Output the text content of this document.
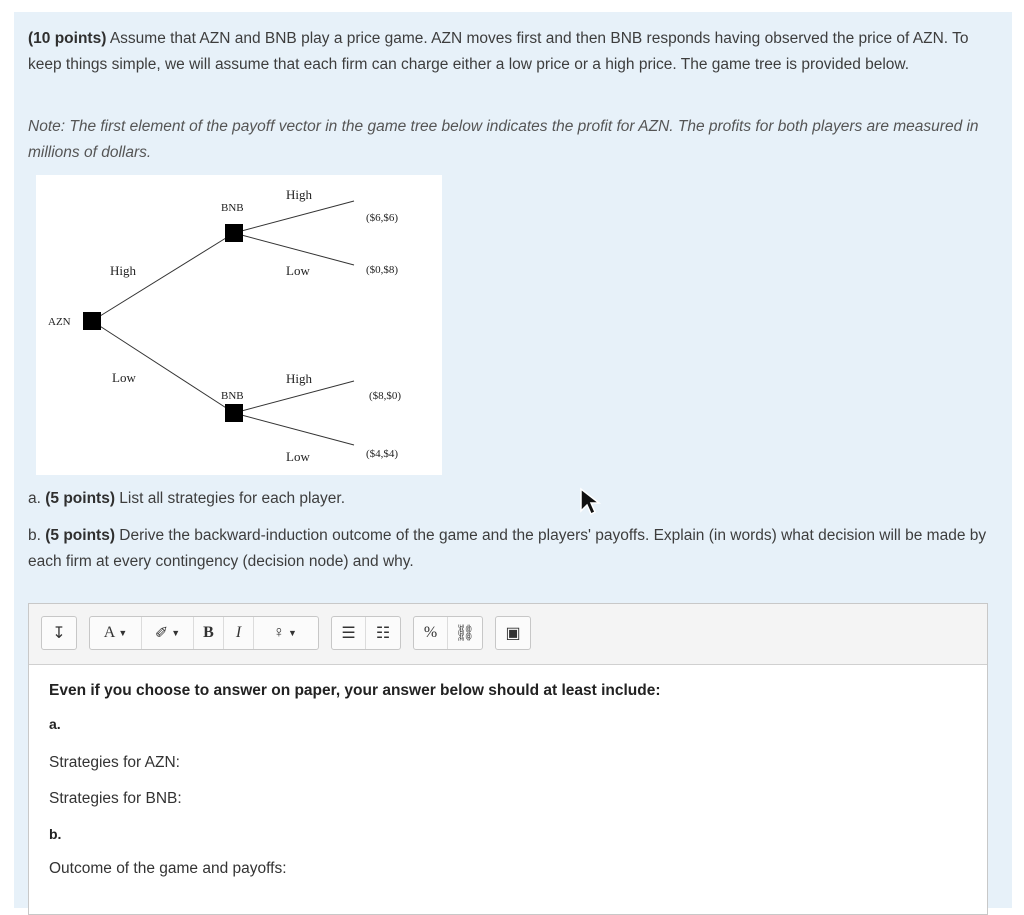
(10 points) Assume that AZN and BNB play a price game. AZN moves first and then BNB responds having observed the price of AZN. To keep things simple, we will assume that each firm can charge either a low price or a high price. The game tree is provided below.
Note: The first element of the payoff vector in the game tree below indicates the profit for AZN. The profits for both players are measured in millions of dollars.
AZN
BNB
BNB
High
Low
High
Low
High
Low
($6,$6)
($0,$8)
($8,$0)
($4,$4)
a. (5 points) List all strategies for each player.
b. (5 points) Derive the backward-induction outcome of the game and the players' payoffs. Explain (in words) what decision will be made by each firm at every contingency (decision node) and why.
↧	A ▼ ✐ ▼	B	I	♀ ▼	☰	☷	%	⛓	▣
Even if you choose to answer on paper, your answer below should at least include:
a.
Strategies for AZN:
Strategies for BNB:
b.
Outcome of the game and payoffs:
